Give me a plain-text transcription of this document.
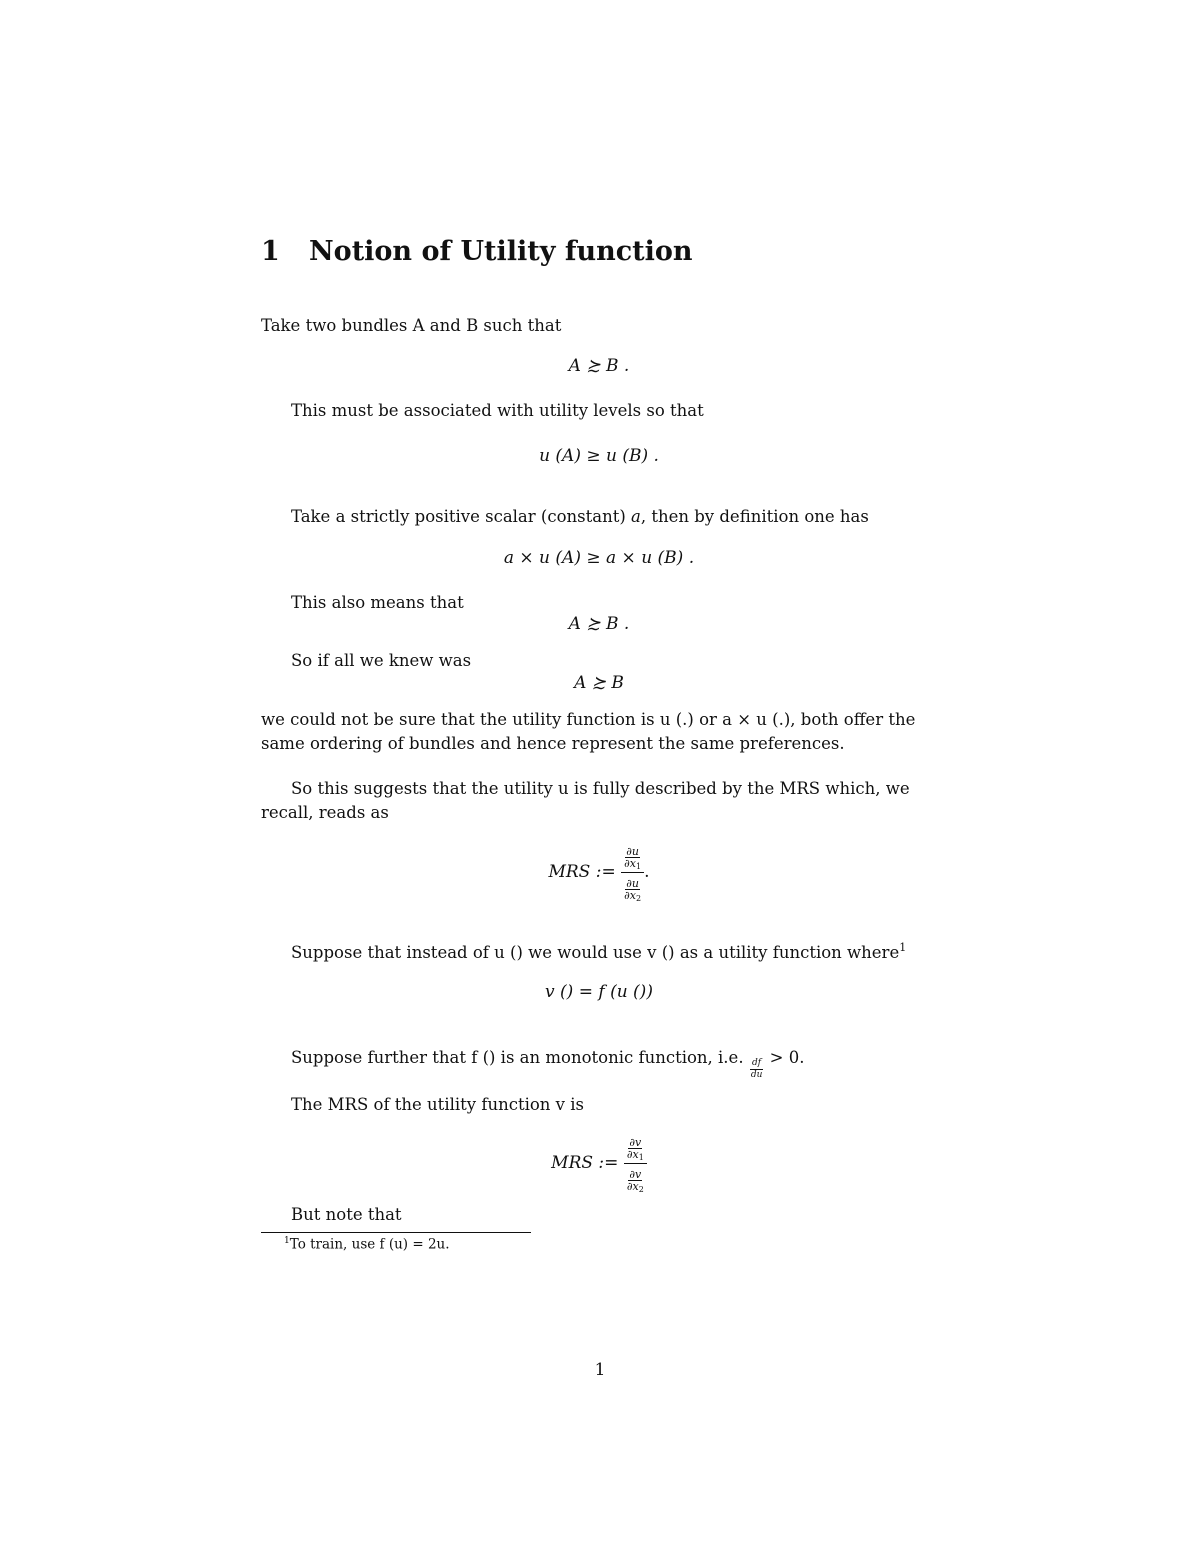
1 Notion of Utility function
Take two bundles A and B such that
A ≿ B .
This must be associated with utility levels so that
u (A) ≥ u (B) .
Take a strictly positive scalar (constant) a, then by definition one has
a × u (A) ≥ a × u (B) .
This also means that
A ≿ B .
So if all we knew was
A ≿ B
we could not be sure that the utility function is u (.) or a × u (.), both offer the same ordering of bundles and hence represent the same preferences.
So this suggests that the utility u is fully described by the MRS which, we recall, reads as
MRS := $\frac{\frac{\partial u}{\partial x_1}}{\frac{\partial u}{\partial x_2}}$ .
Suppose that instead of u () we would use v () as a utility function where$^1$
v () = f (u ())
Suppose further that f () is an monotonic function, i.e.
$\frac{df}{du}$
> 0.
The MRS of the utility function v is
MRS := $\frac{\frac{\partial v}{\partial x_1}}{\frac{\partial v}{\partial x_2}}$
But note that
$^1$To train, use f (u) = 2u.
1
